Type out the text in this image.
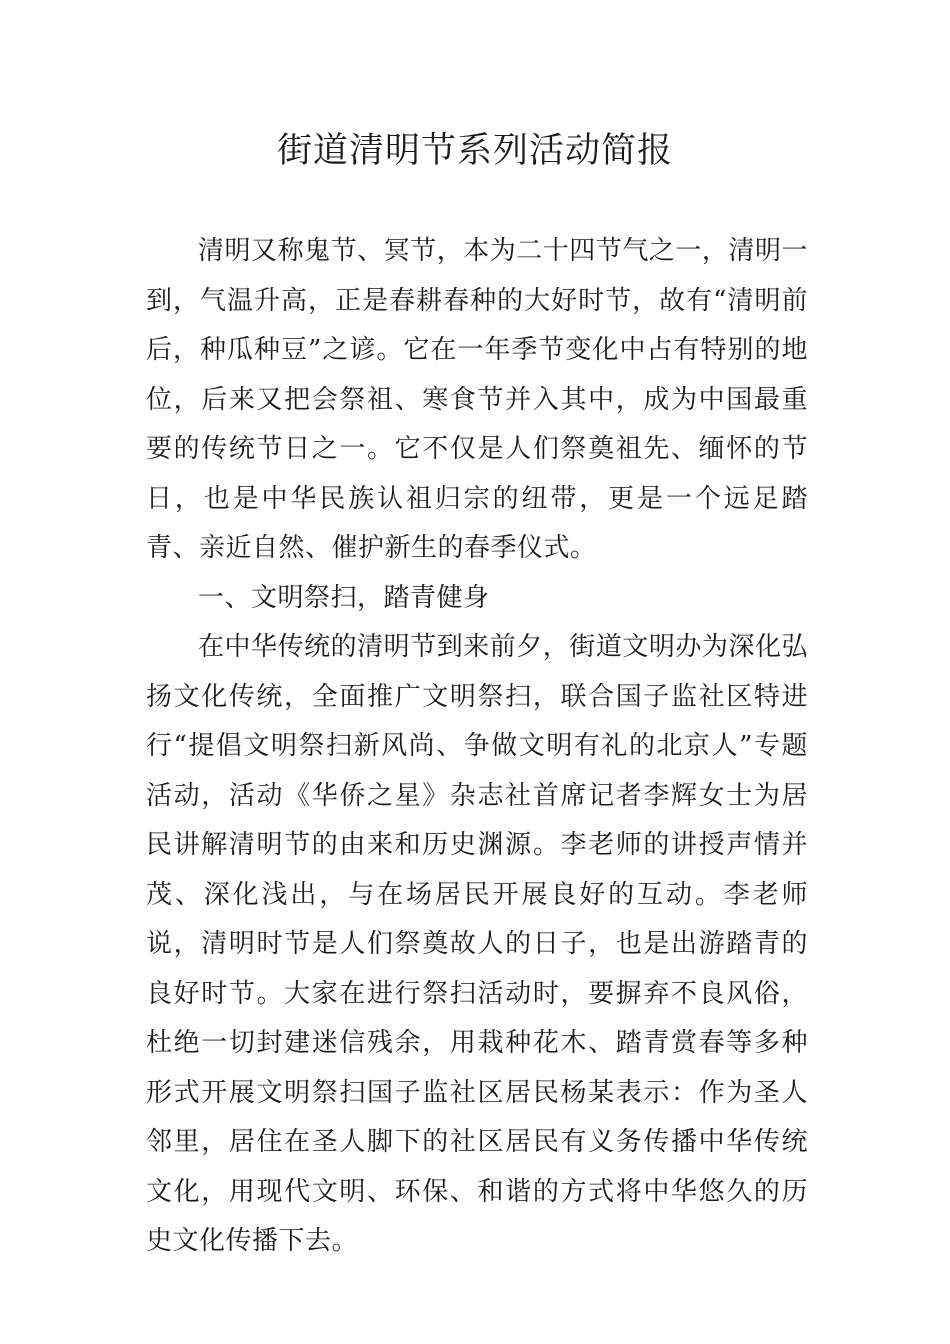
街道清明节系列活动简报

清明又称鬼节、冥节，本为二十四节气之一，清明一到，气温升高，正是春耕春种的大好时节，故有“清明前后，种瓜种豆”之谚。它在一年季节变化中占有特别的地位，后来又把会祭祖、寒食节并入其中，成为中国最重要的传统节日之一。它不仅是人们祭奠祖先、缅怀的节日，也是中华民族认祖归宗的纽带，更是一个远足踏青、亲近自然、催护新生的春季仪式。

一、文明祭扫，踏青健身

在中华传统的清明节到来前夕，街道文明办为深化弘扬文化传统，全面推广文明祭扫，联合国子监社区特进行“提倡文明祭扫新风尚、争做文明有礼的北京人”专题活动，活动《华侨之星》杂志社首席记者李辉女士为居民讲解清明节的由来和历史渊源。李老师的讲授声情并茂、深化浅出，与在场居民开展良好的互动。李老师说，清明时节是人们祭奠故人的日子，也是出游踏青的良好时节。大家在进行祭扫活动时，要摒弃不良风俗，杜绝一切封建迷信残余，用栽种花木、踏青赏春等多种形式开展文明祭扫国子监社区居民杨某表示：作为圣人邻里，居住在圣人脚下的社区居民有义务传播中华传统文化，用现代文明、环保、和谐的方式将中华悠久的历史文化传播下去。
